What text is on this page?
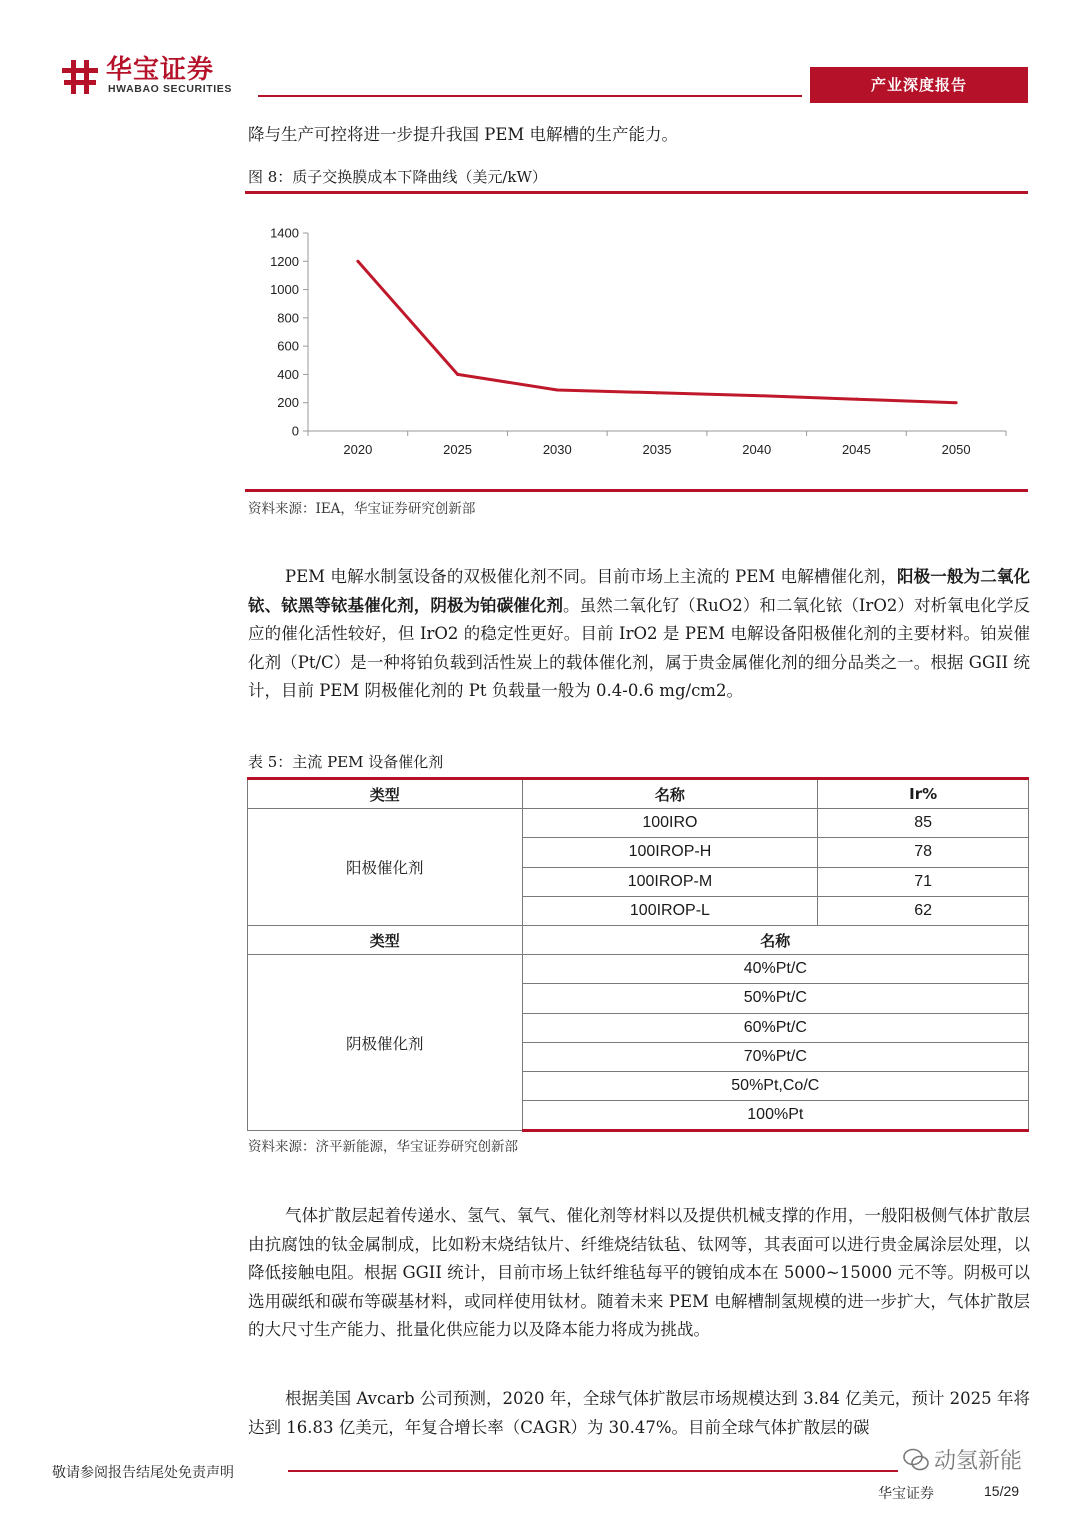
华宝证券
HWABAO SECURITIES	产业深度报告
降与生产可控将进一步提升我国 PEM 电解槽的生产能力。
图 8：质子交换膜成本下降曲线（美元/kW）
0
200
400
600
800
1000
1200
1400
2020	2025	2030	2035	2040	2045	2050
资料来源：IEA，华宝证券研究创新部
PEM 电解水制氢设备的双极催化剂不同。目前市场上主流的 PEM 电解槽催化剂，阳极一般为二氧化铱、铱黑等铱基催化剂，阴极为铂碳催化剂。虽然二氧化钌（RuO2）和二氧化铱（IrO2）对析氧电化学反应的催化活性较好，但 IrO2 的稳定性更好。目前 IrO2 是 PEM 电解设备阳极催化剂的主要材料。铂炭催化剂（Pt/C）是一种将铂负载到活性炭上的载体催化剂，属于贵金属催化剂的细分品类之一。根据 GGII 统计，目前 PEM 阴极催化剂的 Pt 负载量一般为 0.4-0.6 mg/cm2。
表 5：主流 PEM 设备催化剂
类型	名称	Ir%
阳极催化剂	100IRO	85
	100IROP-H	78
	100IROP-M	71
	100IROP-L	62
类型	名称	
阴极催化剂	40%Pt/C	
	50%Pt/C	
	60%Pt/C	
	70%Pt/C	
	50%Pt,Co/C	
	100%Pt	
资料来源：济平新能源，华宝证券研究创新部
气体扩散层起着传递水、氢气、氧气、催化剂等材料以及提供机械支撑的作用，一般阳极侧气体扩散层由抗腐蚀的钛金属制成，比如粉末烧结钛片、纤维烧结钛毡、钛网等，其表面可以进行贵金属涂层处理，以降低接触电阻。根据 GGII 统计，目前市场上钛纤维毡每平的镀铂成本在 5000~15000 元不等。阴极可以选用碳纸和碳布等碳基材料，或同样使用钛材。随着未来 PEM 电解槽制氢规模的进一步扩大，气体扩散层的大尺寸生产能力、批量化供应能力以及降本能力将成为挑战。
根据美国 Avcarb 公司预测，2020 年，全球气体扩散层市场规模达到 3.84 亿美元，预计 2025 年将达到 16.83 亿美元，年复合增长率（CAGR）为 30.47%。目前全球气体扩散层的碳
敬请参阅报告结尾处免责声明	动氢新能
华宝证券	15/29
